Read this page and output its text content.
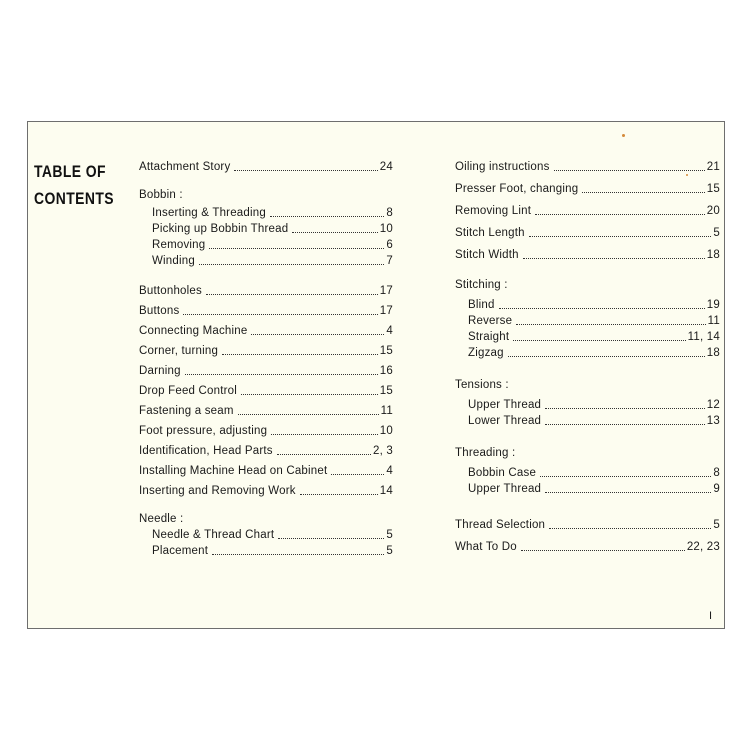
TABLE OF
CONTENTS
Attachment Story	24
Bobbin :
Inserting & Threading	8
Picking up Bobbin Thread	10
Removing	6
Winding	7
Buttonholes	17
Buttons	17
Connecting Machine	4
Corner, turning	15
Darning	16
Drop Feed Control	15
Fastening a seam	11
Foot pressure, adjusting	10
Identification, Head Parts	2, 3
Installing Machine Head on Cabinet	4
Inserting and Removing Work	14
Needle :
Needle & Thread Chart	5
Placement	5
Oiling instructions	21
Presser Foot, changing	15
Removing Lint	20
Stitch Length	5
Stitch Width	18
Stitching :
Blind	19
Reverse	11
Straight	11, 14
Zigzag	18
Tensions :
Upper Thread	12
Lower Thread	13
Threading :
Bobbin Case	8
Upper Thread	9
Thread Selection	5
What To Do	22, 23
I
